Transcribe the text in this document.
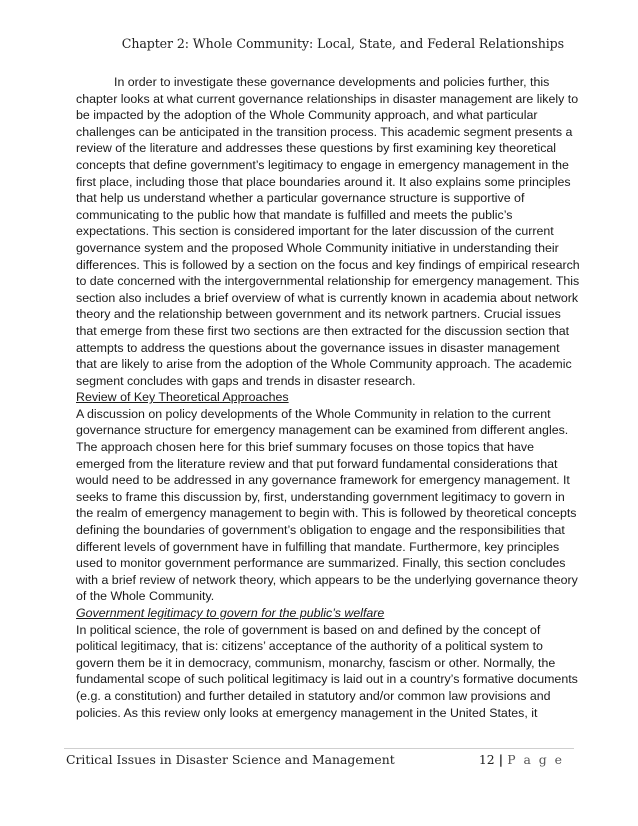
Chapter 2: Whole Community: Local, State, and Federal Relationships

In order to investigate these governance developments and policies further, this
chapter looks at what current governance relationships in disaster management are likely to
be impacted by the adoption of the Whole Community approach, and what particular
challenges can be anticipated in the transition process. This academic segment presents a
review of the literature and addresses these questions by first examining key theoretical
concepts that define government’s legitimacy to engage in emergency management in the
first place, including those that place boundaries around it. It also explains some principles
that help us understand whether a particular governance structure is supportive of
communicating to the public how that mandate is fulfilled and meets the public’s
expectations. This section is considered important for the later discussion of the current
governance system and the proposed Whole Community initiative in understanding their
differences. This is followed by a section on the focus and key findings of empirical research
to date concerned with the intergovernmental relationship for emergency management. This
section also includes a brief overview of what is currently known in academia about network
theory and the relationship between government and its network partners. Crucial issues
that emerge from these first two sections are then extracted for the discussion section that
attempts to address the questions about the governance issues in disaster management
that are likely to arise from the adoption of the Whole Community approach. The academic
segment concludes with gaps and trends in disaster research.

Review of Key Theoretical Approaches

A discussion on policy developments of the Whole Community in relation to the current
governance structure for emergency management can be examined from different angles.
The approach chosen here for this brief summary focuses on those topics that have
emerged from the literature review and that put forward fundamental considerations that
would need to be addressed in any governance framework for emergency management. It
seeks to frame this discussion by, first, understanding government legitimacy to govern in
the realm of emergency management to begin with. This is followed by theoretical concepts
defining the boundaries of government’s obligation to engage and the responsibilities that
different levels of government have in fulfilling that mandate. Furthermore, key principles
used to monitor government performance are summarized. Finally, this section concludes
with a brief review of network theory, which appears to be the underlying governance theory
of the Whole Community.

Government legitimacy to govern for the public’s welfare

In political science, the role of government is based on and defined by the concept of
political legitimacy, that is: citizens’ acceptance of the authority of a political system to
govern them be it in democracy, communism, monarchy, fascism or other. Normally, the
fundamental scope of such political legitimacy is laid out in a country’s formative documents
(e.g. a constitution) and further detailed in statutory and/or common law provisions and
policies. As this review only looks at emergency management in the United States, it

Critical Issues in Disaster Science and Management	12 | P a g e
